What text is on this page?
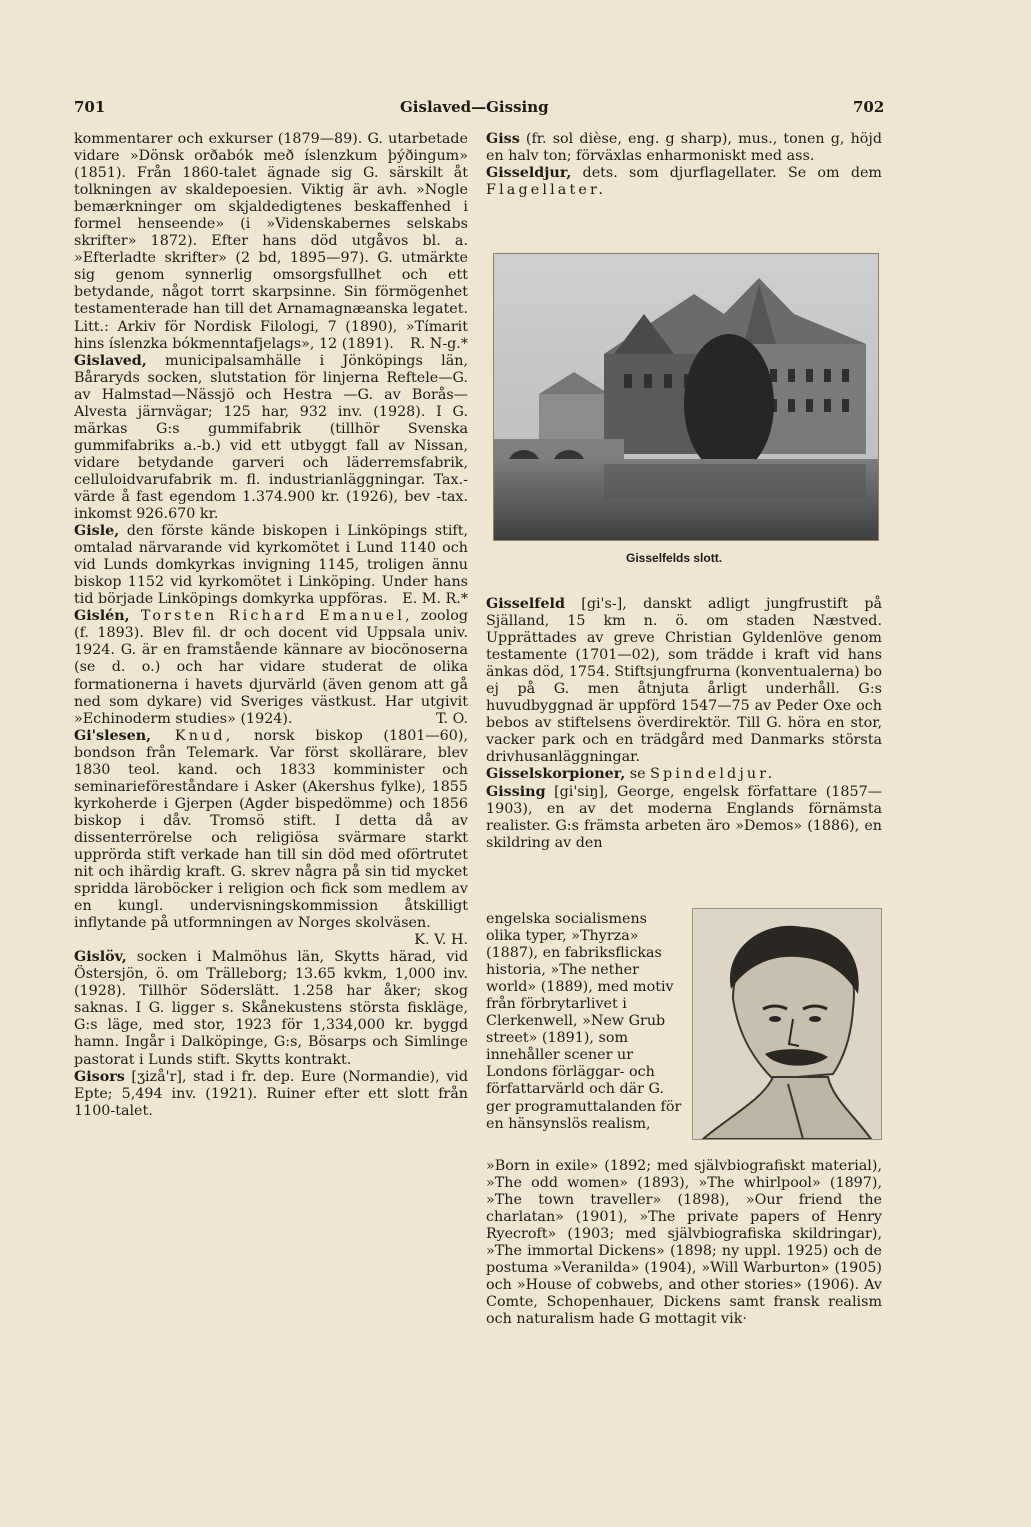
701	Gislaved—Gissing	702

kommentarer och exkurser (1879—89). G. utarbetade vidare »Dönsk orðabók með íslenzkum þýðingum» (1851). Från 1860-talet ägnade sig G. särskilt åt tolkningen av skaldepoesien. Viktig är avh. »Nogle bemærkninger om skjaldedigtenes beskaffenhed i formel henseende» (i »Videnskabernes selskabs skrifter» 1872). Efter hans död utgåvos bl. a. »Efterladte skrifter» (2 bd, 1895—97). G. utmärkte sig genom synnerlig omsorgsfullhet och ett betydande, något torrt skarpsinne. Sin förmögenhet testamenterade han till det Arnamagnæanska legatet. Litt.: Arkiv för Nordisk Filologi, 7 (1890), »Tímarit hins íslenzka bókmenntafjelags», 12 (1891). R. N-g.*

Gislaved, municipalsamhälle i Jönköpings län, Båraryds socken, slutstation för linjerna Reftele—G. av Halmstad—Nässjö och Hestra —G. av Borås—Alvesta järnvägar; 125 har, 932 inv. (1928). I G. märkas G:s gummifabrik (tillhör Svenska gummifabriks a.-b.) vid ett utbyggt fall av Nissan, vidare betydande garveri och läderremsfabrik, celluloidvarufabrik m. fl. industrianläggningar. Tax.-värde å fast egendom 1.374.900 kr. (1926), bev -tax. inkomst 926.670 kr.

Gisle, den förste kände biskopen i Linköpings stift, omtalad närvarande vid kyrkomötet i Lund 1140 och vid Lunds domkyrkas invigning 1145, troligen ännu biskop 1152 vid kyrkomötet i Linköping. Under hans tid började Linköpings domkyrka uppföras. E. M. R.*

Gislén, Torsten Richard Emanuel, zoolog (f. 1893). Blev fil. dr och docent vid Uppsala univ. 1924. G. är en framstående kännare av biocönoserna (se d. o.) och har vidare studerat de olika formationerna i havets djurvärld (även genom att gå ned som dykare) vid Sveriges västkust. Har utgivit »Echinoderm studies» (1924).	T. O.

Gi'slesen, Knud, norsk biskop (1801—60), bondson från Telemark. Var först skollärare, blev 1830 teol. kand. och 1833 komminister och seminarieföreståndare i Asker (Akershus fylke), 1855 kyrkoherde i Gjerpen (Agder bispedömme) och 1856 biskop i dåv. Tromsö stift. I detta då av dissenterrörelse och religiösa svärmare starkt upprörda stift verkade han till sin död med oförtrutet nit och ihärdig kraft. G. skrev några på sin tid mycket spridda läroböcker i religion och fick som medlem av en kungl. undervisningskommission åtskilligt inflytande på utformningen av Norges skolväsen.
K. V. H.

Gislöv, socken i Malmöhus län, Skytts härad, vid Östersjön, ö. om Trälleborg; 13.65 kvkm, 1,000 inv. (1928). Tillhör Söderslätt. 1.258 har åker; skog saknas. I G. ligger s. Skånekustens största fiskläge, G:s läge, med stor, 1923 för 1,334,000 kr. byggd hamn. Ingår i Dalköpinge, G:s, Bösarps och Simlinge pastorat i Lunds stift. Skytts kontrakt.

Gisors [ʒizå'r], stad i fr. dep. Eure (Normandie), vid Epte; 5,494 inv. (1921). Ruiner efter ett slott från 1100-talet.

Giss (fr. sol dièse, eng. g sharp), mus., tonen g, höjd en halv ton; förväxlas enharmoniskt med ass.

Gisseldjur, dets. som djurflagellater. Se om dem Flagellater.

Gisselfelds slott.

Gisselfeld [gi's-], danskt adligt jungfrustift på Själland, 15 km n. ö. om staden Næstved. Upprättades av greve Christian Gyldenlöve genom testamente (1701—02), som trädde i kraft vid hans änkas död, 1754. Stiftsjungfrurna (konventualerna) bo ej på G. men åtnjuta årligt underhåll. G:s huvudbyggnad är uppförd 1547—75 av Peder Oxe och bebos av stiftelsens överdirektör. Till G. höra en stor, vacker park och en trädgård med Danmarks största drivhusanläggningar.

Gisselskorpioner, se Spindeldjur.

Gissing [gi'siŋ], George, engelsk författare (1857—1903), en av det moderna Englands förnämsta realister. G:s främsta arbeten äro »Demos» (1886), en skildring av den

engelska socialismens olika typer, »Thyrza» (1887), en fabriksflickas historia, »The nether world» (1889), med motiv från förbrytarlivet i Clerkenwell, »New Grub street» (1891), som innehåller scener ur Londons förläggar- och författarvärld och där G. ger programuttalanden för en hänsynslös realism,
»Born in exile» (1892; med självbiografiskt material), »The odd women» (1893), »The whirlpool» (1897), »The town traveller» (1898), »Our friend the charlatan» (1901), »The private papers of Henry Ryecroft» (1903; med självbiografiska skildringar), »The immortal Dickens» (1898; ny uppl. 1925) och de postuma »Veranilda» (1904), »Will Warburton» (1905) och »House of cobwebs, and other stories» (1906). Av Comte, Schopenhauer, Dickens samt fransk realism och naturalism hade G mottagit vik·
